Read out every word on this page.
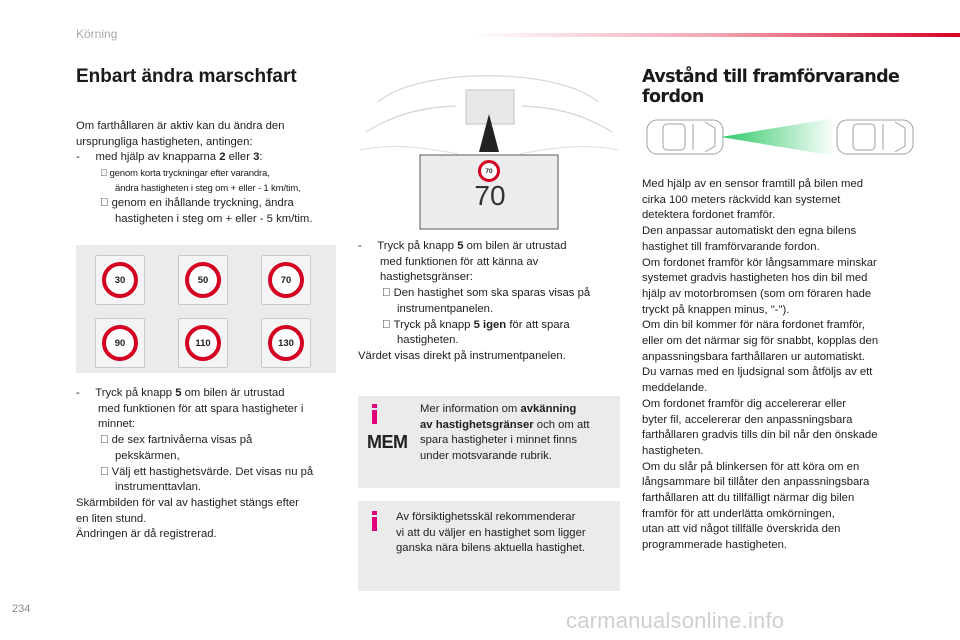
Körning
Enbart ändra marschfart

Om farthållaren är aktiv kan du ändra den

ursprungliga hastigheten, antingen:

-     med hjälp av knapparna 2 eller 3:

genom korta tryckningar efter varandra,

ändra hastigheten i steg om + eller - 1 km/tim,

genom en ihållande tryckning, ändra

hastigheten i steg om + eller - 5 km/tim.

30	50	70
90	110	130

-     Tryck på knapp 5 om bilen är utrustad

med funktionen för att spara hastigheter i

minnet:

de sex fartnivåerna visas på

pekskärmen,

Välj ett hastighetsvärde. Det visas nu på

instrumenttavlan.

Skärmbilden för val av hastighet stängs efter

en liten stund.

Ändringen är då registrerad.

70
70

-     Tryck på knapp 5 om bilen är utrustad

med funktionen för att känna av

hastighetsgränser:

Den hastighet som ska sparas visas på

instrumentpanelen.

Tryck på knapp 5 igen för att spara

hastigheten.

Värdet visas direkt på instrumentpanelen.

MEM

Mer information om avkänning

av hastighetsgränser och om att

spara hastigheter i minnet finns

under motsvarande rubrik.

Av försiktighetsskäl rekommenderar

vi att du väljer en hastighet som ligger

ganska nära bilens aktuella hastighet.

Avstånd till framförvarande fordon

Med hjälp av en sensor framtill på bilen med

cirka 100 meters räckvidd kan systemet

detektera fordonet framför.

Den anpassar automatiskt den egna bilens

hastighet till framförvarande fordon.

Om fordonet framför kör långsammare minskar

systemet gradvis hastigheten hos din bil med

hjälp av motorbromsen (som om föraren hade

tryckt på knappen minus, "-").

Om din bil kommer för nära fordonet framför,

eller om det närmar sig för snabbt, kopplas den

anpassningsbara farthållaren ur automatiskt.

Du varnas med en ljudsignal som åtföljs av ett

meddelande.

Om fordonet framför dig accelererar eller

byter fil, accelererar den anpassningsbara

farthållaren gradvis tills din bil når den önskade

hastigheten.

Om du slår på blinkersen för att köra om en

långsammare bil tillåter den anpassningsbara

farthållaren att du tillfälligt närmar dig bilen

framför för att underlätta omkörningen,

utan att vid något tillfälle överskrida den

programmerade hastigheten.

234	carmanualsonline.info
